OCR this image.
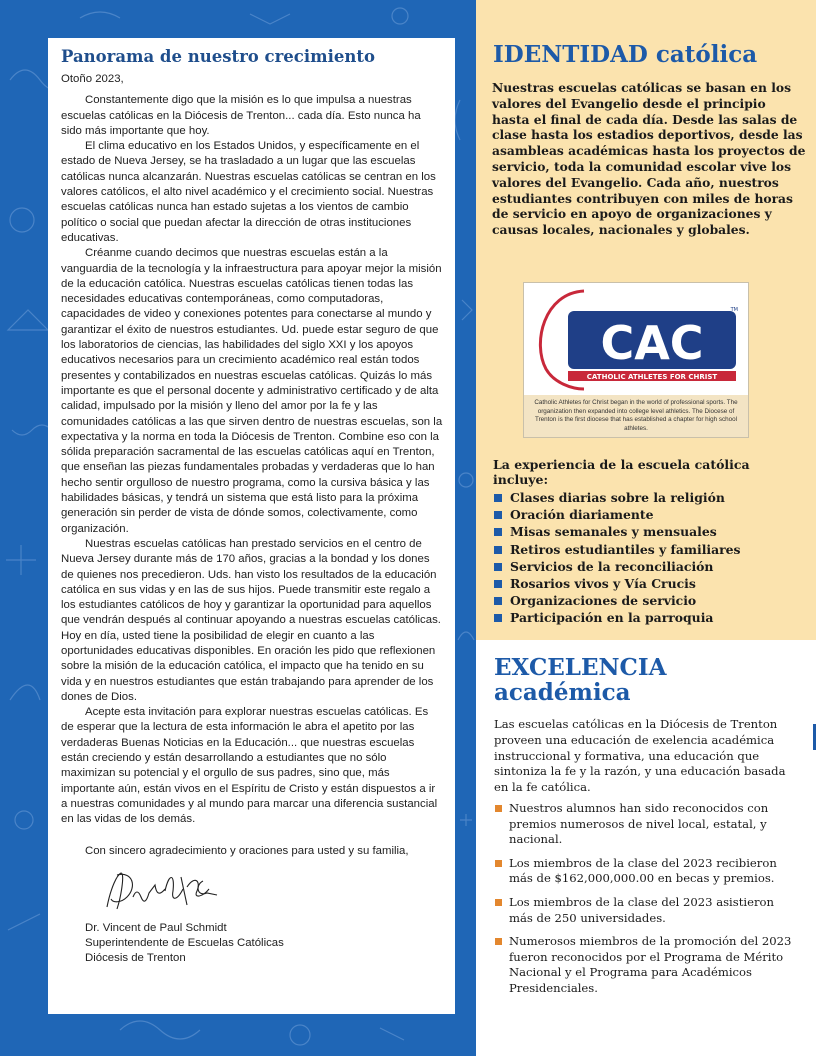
Panorama de nuestro crecimiento

Otoño 2023,

Constantemente digo que la misión es lo que impulsa a nuestras escuelas católicas en la Diócesis de Trenton... cada día. Esto nunca ha sido más importante que hoy.

El clima educativo en los Estados Unidos, y específicamente en el estado de Nueva Jersey, se ha trasladado a un lugar que las escuelas católicas nunca alcanzarán. Nuestras escuelas católicas se centran en los valores católicos, el alto nivel académico y el crecimiento social. Nuestras escuelas católicas nunca han estado sujetas a los vientos de cambio político o social que puedan afectar la dirección de otras instituciones educativas.

Créanme cuando decimos que nuestras escuelas están a la vanguardia de la tecnología y la infraestructura para apoyar mejor la misión de la educación católica. Nuestras escuelas católicas tienen todas las necesidades educativas contemporáneas, como computadoras, capacidades de video y conexiones potentes para conectarse al mundo y garantizar el éxito de nuestros estudiantes. Ud. puede estar seguro de que los laboratorios de ciencias, las habilidades del siglo XXI y los apoyos educativos necesarios para un crecimiento académico real están todos presentes y contabilizados en nuestras escuelas católicas. Quizás lo más importante es que el personal docente y administrativo certificado y de alta calidad, impulsado por la misión y lleno del amor por la fe y las comunidades católicas a las que sirven dentro de nuestras escuelas, son la expectativa y la norma en toda la Diócesis de Trenton. Combine eso con la sólida preparación sacramental de las escuelas católicas aquí en Trenton, que enseñan las piezas fundamentales probadas y verdaderas que lo han hecho sentir orgulloso de nuestro programa, como la cursiva básica y las habilidades básicas, y tendrá un sistema que está listo para la próxima generación sin perder de vista de dónde somos, colectivamente, como organización.

Nuestras escuelas católicas han prestado servicios en el centro de Nueva Jersey durante más de 170 años, gracias a la bondad y los dones de quienes nos precedieron. Uds. han visto los resultados de la educación católica en sus vidas y en las de sus hijos. Puede transmitir este regalo a los estudiantes católicos de hoy y garantizar la oportunidad para aquellos que vendrán después al continuar apoyando a nuestras escuelas católicas. Hoy en día, usted tiene la posibilidad de elegir en cuanto a las oportunidades educativas disponibles. En oración les pido que reflexionen sobre la misión de la educación católica, el impacto que ha tenido en su vida y en nuestros estudiantes que están trabajando para aprender de los dones de Dios.

Acepte esta invitación para explorar nuestras escuelas católicas. Es de esperar que la lectura de esta información le abra el apetito por las verdaderas Buenas Noticias en la Educación... que nuestras escuelas están creciendo y están desarrollando a estudiantes que no sólo maximizan su potencial y el orgullo de sus padres, sino que, más importante aún, están vivos en el Espíritu de Cristo y están dispuestos a ir a nuestras comunidades y al mundo para marcar una diferencia sustancial en las vidas de los demás.

Con sincero agradecimiento y oraciones para usted y su familia,

Dr. Vincent de Paul Schmidt
Superintendente de Escuelas Católicas
Diócesis de Trenton
IDENTIDAD católica

Nuestras escuelas católicas se basan en los valores del Evangelio desde el principio hasta el final de cada día. Desde las salas de clase hasta los estadios deportivos, desde las asambleas académicas hasta los proyectos de servicio, toda la comunidad escolar vive los valores del Evangelio. Cada año, nuestros estudiantes contribuyen con miles de horas de servicio en apoyo de organizaciones y causas locales, nacionales y globales.

CAC
TM
CATHOLIC ATHLETES FOR CHRIST
Catholic Athletes for Christ began in the world of professional sports. The organization then expanded into college level athletics. The Diocese of Trenton is the first diocese that has established a chapter for high school athletes.

La experiencia de la escuela católica incluye:

Clases diarias sobre la religión
Oración diariamente
Misas semanales y mensuales
Retiros estudiantiles y familiares
Servicios de la reconciliación
Rosarios vivos y Vía Crucis
Organizaciones de servicio
Participación en la parroquia
EXCELENCIA
académica

Las escuelas católicas en la Diócesis de Trenton proveen una educación de exelencia académica instruccional y formativa, una educación que sintoniza la fe y la razón, y una educación basada en la fe católica.

Nuestros alumnos han sido reconocidos con premios numerosos de nivel local, estatal, y nacional.
Los miembros de la clase del 2023 recibieron más de $162,000,000.00 en becas y premios.
Los miembros de la clase del 2023 asistieron más de 250 universidades.
Numerosos miembros de la promoción del 2023 fueron reconocidos por el Programa de Mérito Nacional y el Programa para Académicos Presidenciales.
